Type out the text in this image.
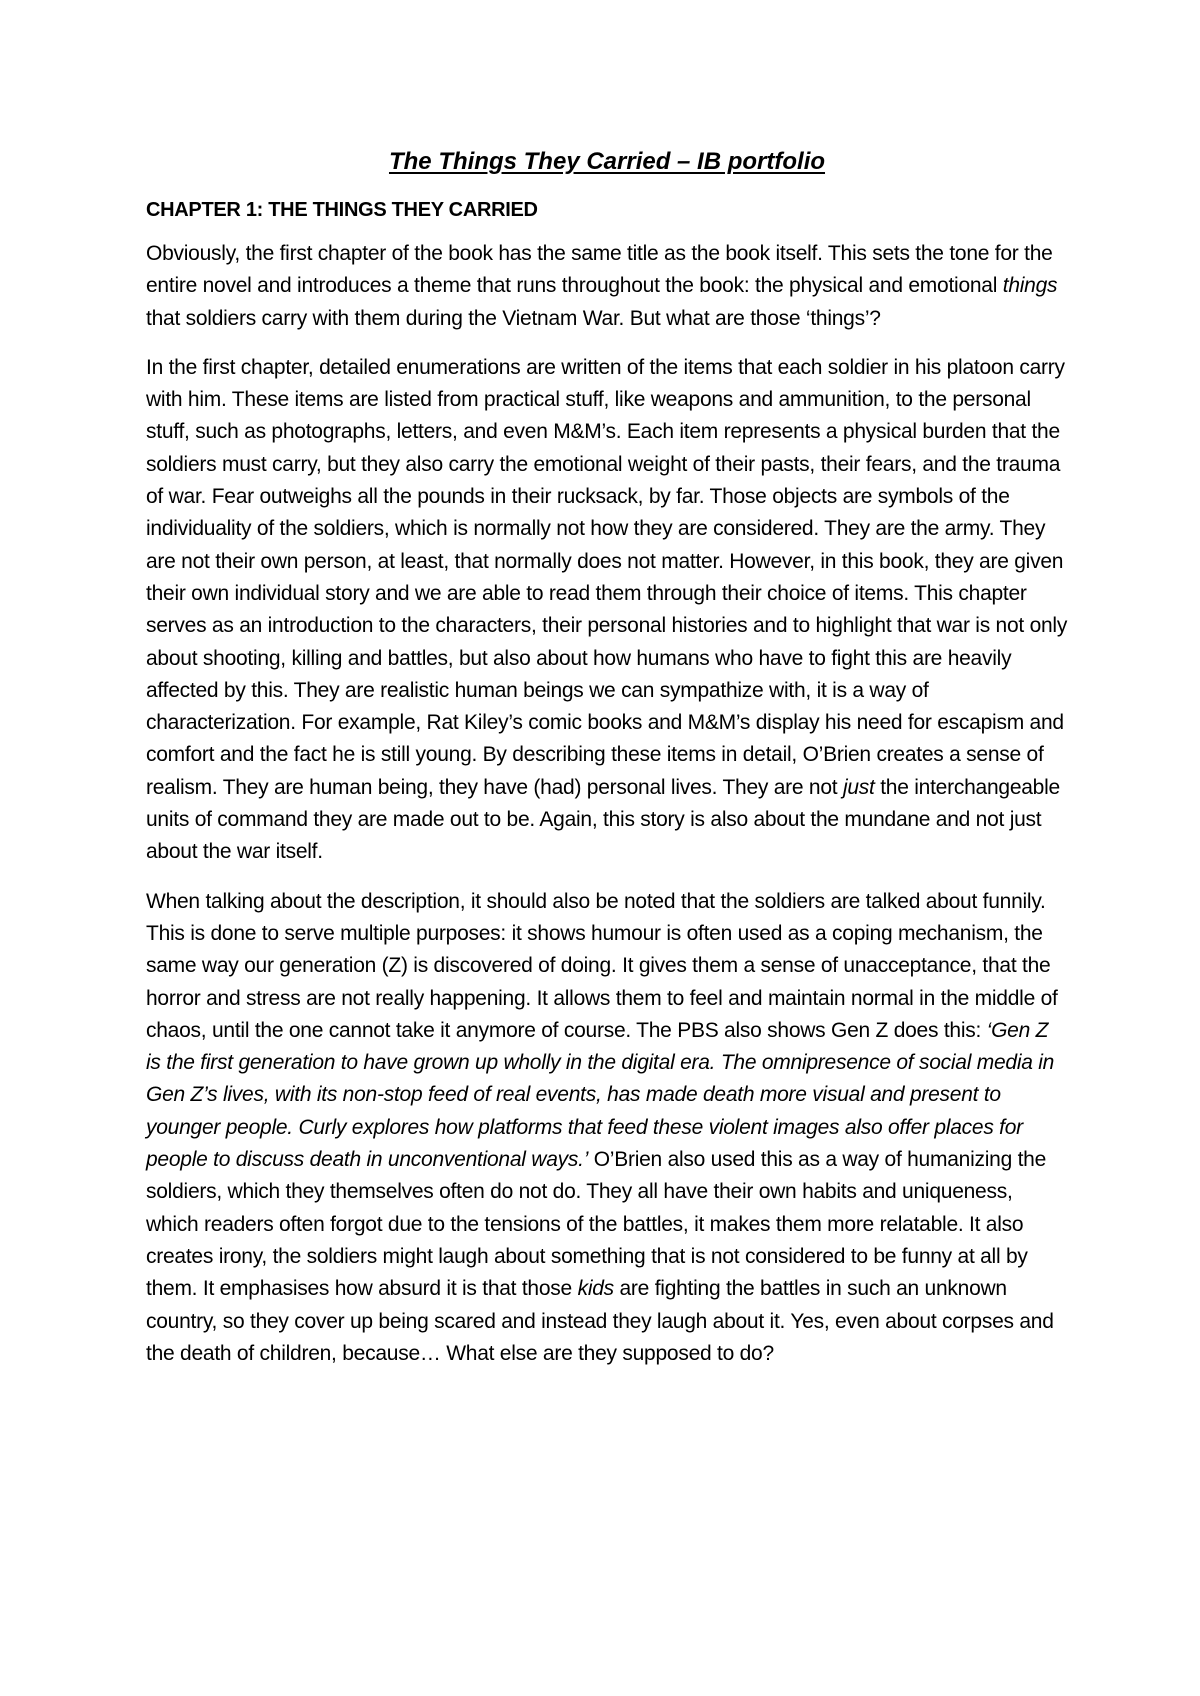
The Things They Carried – IB portfolio
CHAPTER 1: THE THINGS THEY CARRIED

Obviously, the first chapter of the book has the same title as the book itself. This sets the tone for the entire novel and introduces a theme that runs throughout the book: the physical and emotional things that soldiers carry with them during the Vietnam War. But what are those ‘things’?

In the first chapter, detailed enumerations are written of the items that each soldier in his platoon carry with him. These items are listed from practical stuff, like weapons and ammunition, to the personal stuff, such as photographs, letters, and even M&M’s. Each item represents a physical burden that the soldiers must carry, but they also carry the emotional weight of their pasts, their fears, and the trauma of war. Fear outweighs all the pounds in their rucksack, by far. Those objects are symbols of the individuality of the soldiers, which is normally not how they are considered. They are the army. They are not their own person, at least, that normally does not matter. However, in this book, they are given their own individual story and we are able to read them through their choice of items. This chapter serves as an introduction to the characters, their personal histories and to highlight that war is not only about shooting, killing and battles, but also about how humans who have to fight this are heavily affected by this. They are realistic human beings we can sympathize with, it is a way of characterization. For example, Rat Kiley’s comic books and M&M’s display his need for escapism and comfort and the fact he is still young. By describing these items in detail, O’Brien creates a sense of realism. They are human being, they have (had) personal lives. They are not just the interchangeable units of command they are made out to be. Again, this story is also about the mundane and not just about the war itself.

When talking about the description, it should also be noted that the soldiers are talked about funnily. This is done to serve multiple purposes: it shows humour is often used as a coping mechanism, the same way our generation (Z) is discovered of doing. It gives them a sense of unacceptance, that the horror and stress are not really happening. It allows them to feel and maintain normal in the middle of chaos, until the one cannot take it anymore of course. The PBS also shows Gen Z does this: ‘Gen Z is the first generation to have grown up wholly in the digital era. The omnipresence of social media in Gen Z’s lives, with its non-stop feed of real events, has made death more visual and present to younger people. Curly explores how platforms that feed these violent images also offer places for people to discuss death in unconventional ways.’ O’Brien also used this as a way of humanizing the soldiers, which they themselves often do not do. They all have their own habits and uniqueness, which readers often forgot due to the tensions of the battles, it makes them more relatable. It also creates irony, the soldiers might laugh about something that is not considered to be funny at all by them. It emphasises how absurd it is that those kids are fighting the battles in such an unknown country, so they cover up being scared and instead they laugh about it. Yes, even about corpses and the death of children, because… What else are they supposed to do?
